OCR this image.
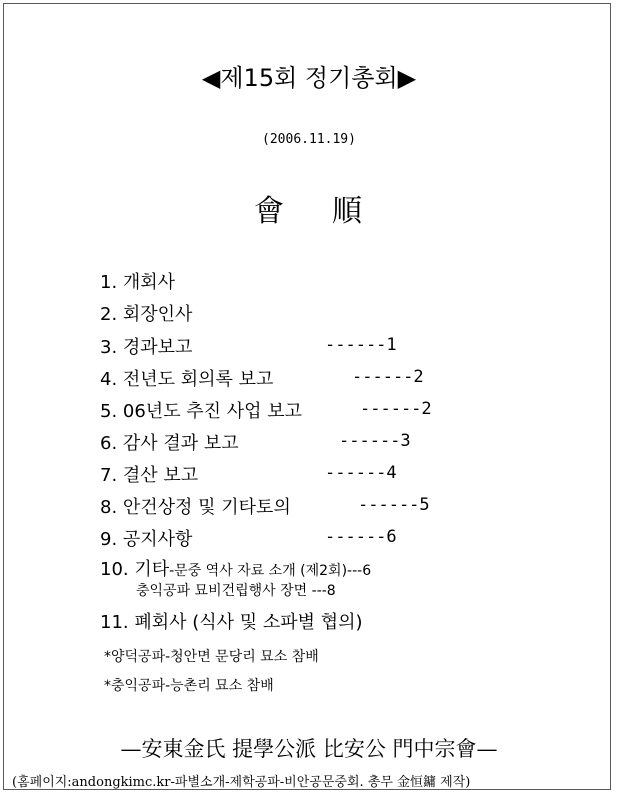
◀제15회 정기총회▶
(2006.11.19)
會 順
1. 개회사
2. 회장인사
3. 경과보고	------1
4. 전년도 회의록 보고	------2
5. 06년도 추진 사업 보고	------2
6. 감사 결과 보고	------3
7. 결산 보고	------4
8. 안건상정 및 기타토의	------5
9. 공지사항	------6
10. 기타-문중 역사 자료 소개 (제2회)---6
충익공파 묘비건립행사 장면 ---8
11. 폐회사 (식사 및 소파별 협의)
*양덕공파-청안면 문당리 묘소 참배
*충익공파-능촌리 묘소 참배
—安東金氏 提學公派 比安公 門中宗會—
(홈페이지:andongkimc.kr-파별소개-제학공파-비안공문중회. 총무 金恒鏞 제작)
